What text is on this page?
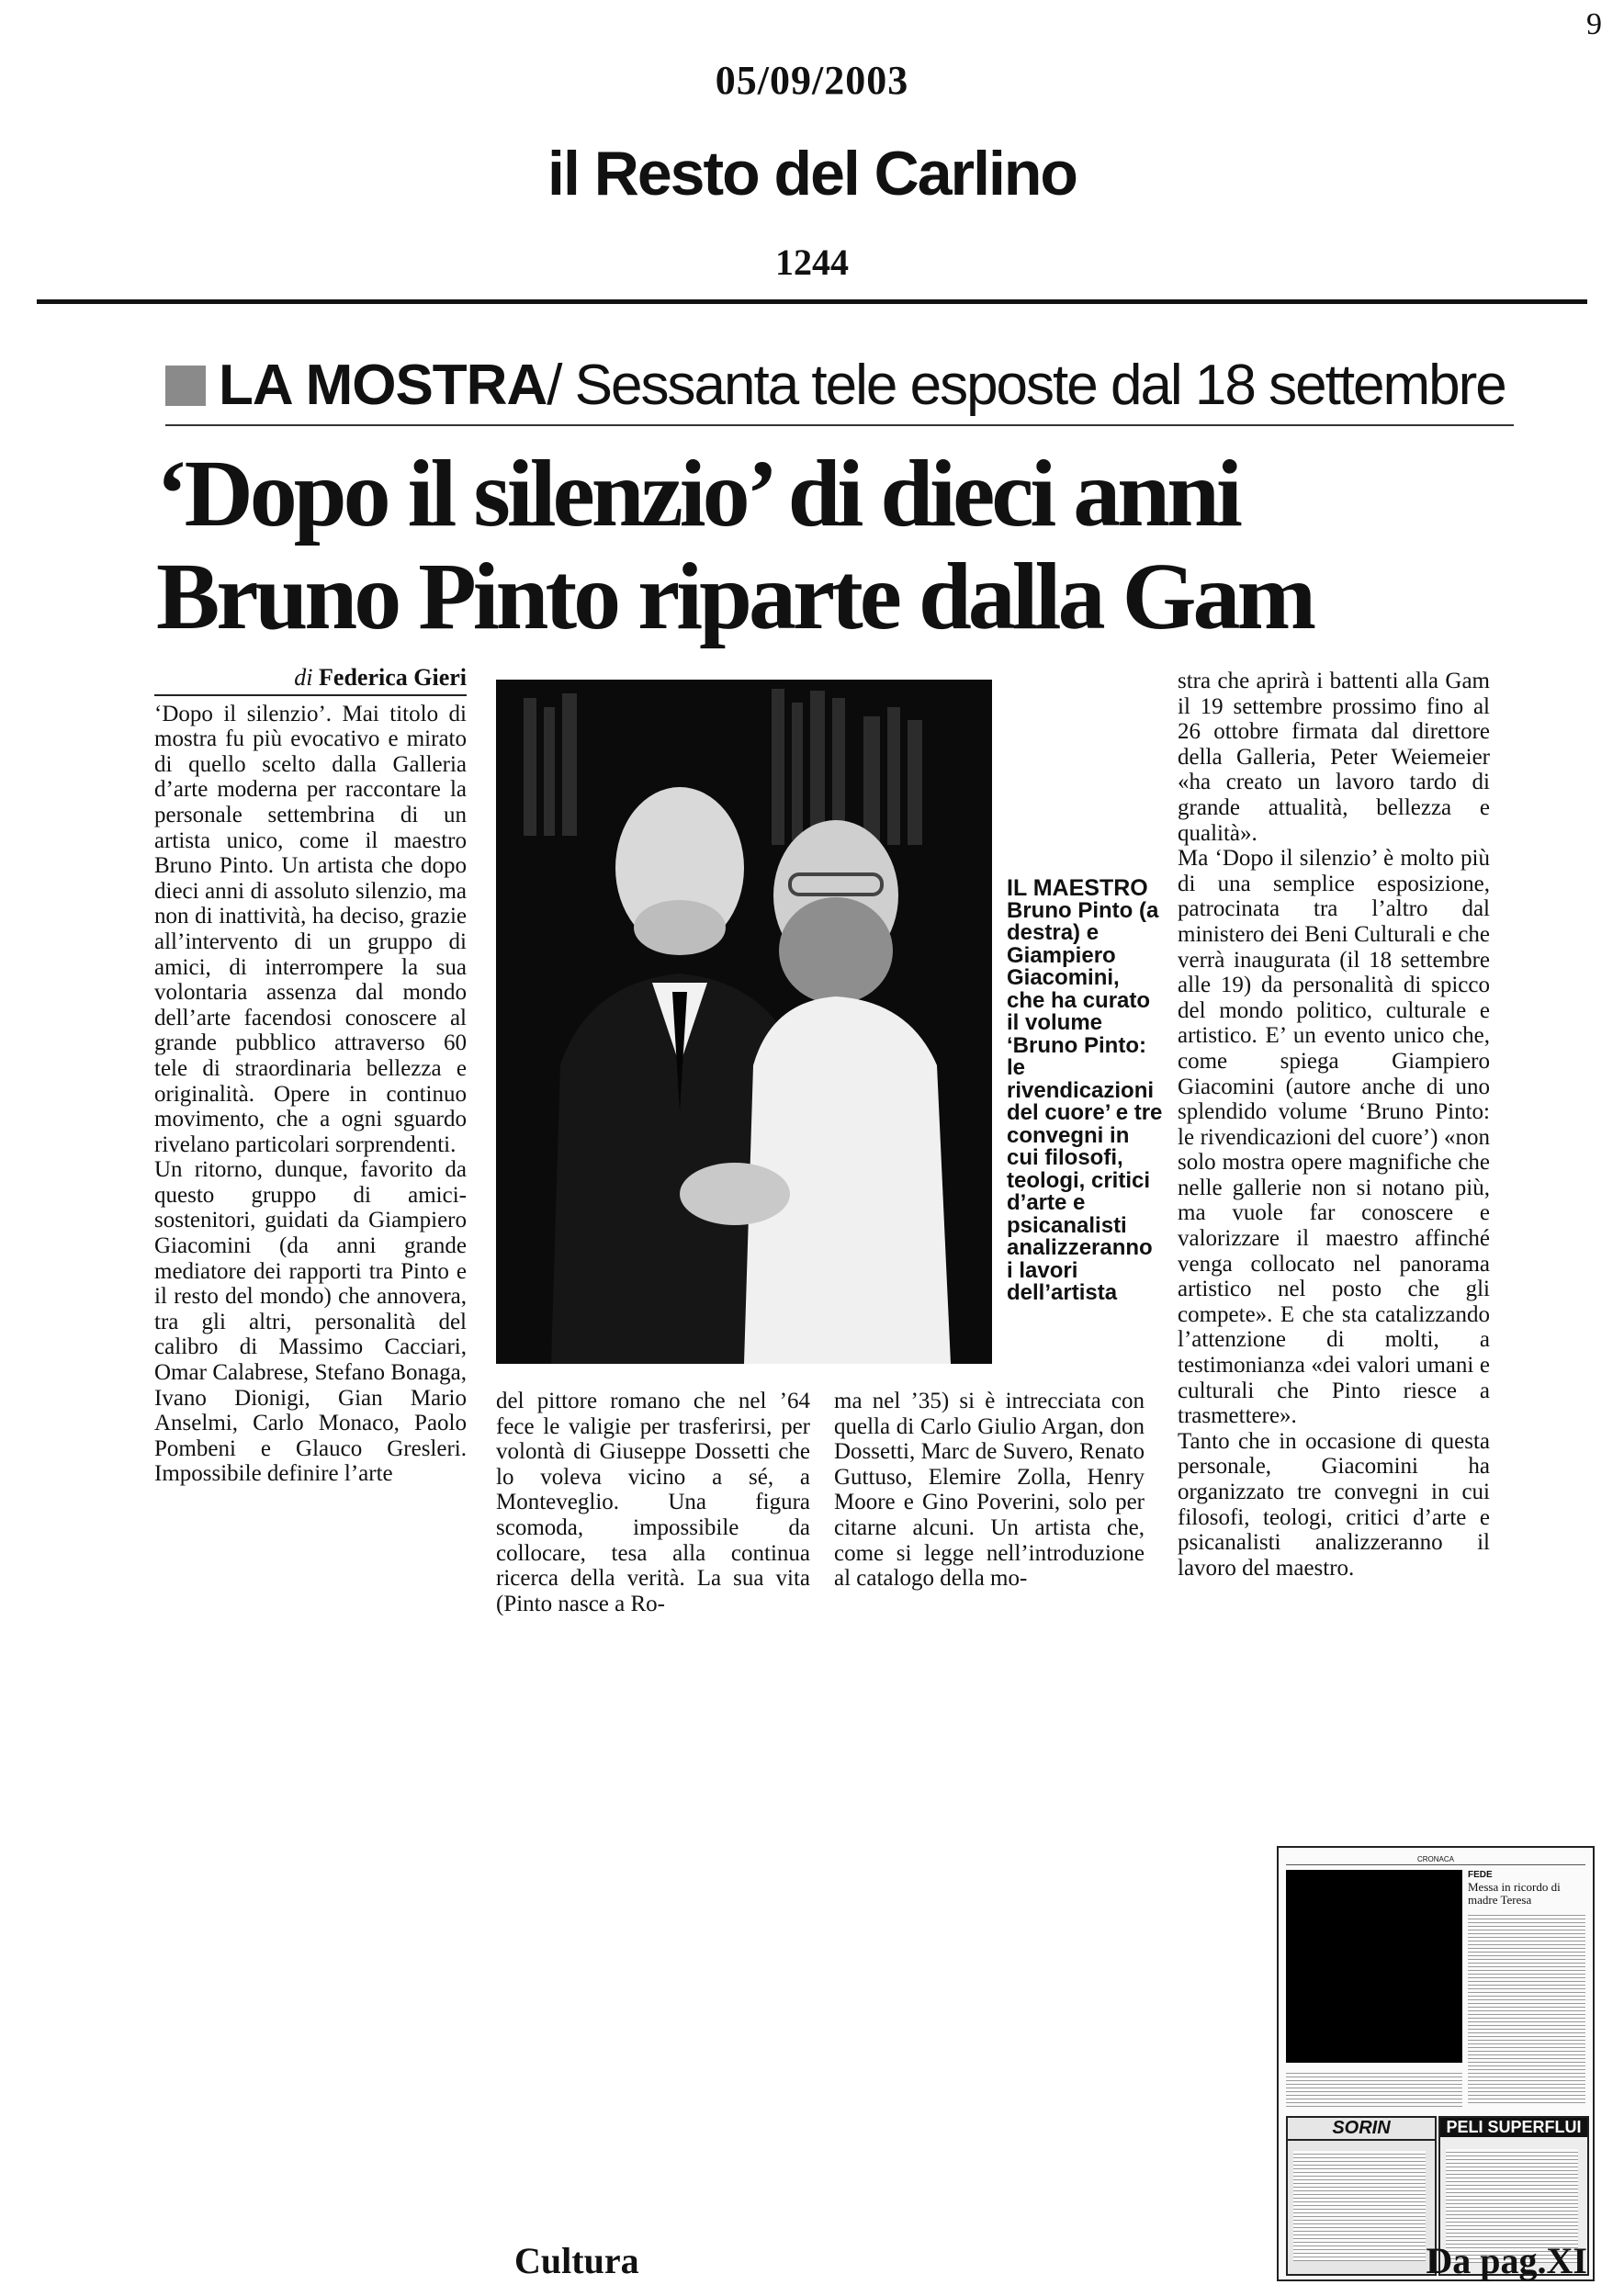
9
05/09/2003
il Resto del Carlino
1244
LA MOSTRA/ Sessanta tele esposte dal 18 settembre
‘Dopo il silenzio’ di dieci anni
Bruno Pinto riparte dalla Gam
di Federica Gieri

‘Dopo il silenzio’. Mai titolo di mostra fu più evocativo e mirato di quello scelto dalla Galleria d’arte moderna per raccontare la personale settembrina di un artista unico, come il maestro Bruno Pinto. Un artista che dopo dieci anni di assoluto silenzio, ma non di inattività, ha deciso, grazie all’intervento di un gruppo di amici, di interrompere la sua volontaria assenza dal mondo dell’arte facendosi conoscere al grande pubblico attraverso 60 tele di straordinaria bellezza e originalità. Opere in continuo movimento, che a ogni sguardo rivelano particolari sorprendenti.

Un ritorno, dunque, favorito da questo gruppo di amici-sostenitori, guidati da Giampiero Giacomini (da anni grande mediatore dei rapporti tra Pinto e il resto del mondo) che annovera, tra gli altri, personalità del calibro di Massimo Cacciari, Omar Calabrese, Stefano Bonaga, Ivano Dionigi, Gian Mario Anselmi, Carlo Monaco, Paolo Pombeni e Glauco Gresleri. Impossibile definire l’arte

IL MAESTRO
Bruno Pinto (a destra) e Giampiero Giacomini, che ha curato il volume ‘Bruno Pinto: le rivendicazioni del cuore’ e tre convegni in cui filosofi, teologi, critici d’arte e psicanalisti analizzeranno i lavori dell’artista

del pittore romano che nel ’64 fece le valigie per trasferirsi, per volontà di Giuseppe Dossetti che lo voleva vicino a sé, a Monteveglio. Una figura scomoda, impossibile da collocare, tesa alla continua ricerca della verità. La sua vita (Pinto nasce a Ro-

ma nel ’35) si è intrecciata con quella di Carlo Giulio Argan, don Dossetti, Marc de Suvero, Renato Guttuso, Elemire Zolla, Henry Moore e Gino Poverini, solo per citarne alcuni. Un artista che, come si legge nell’introduzione al catalogo della mo-

stra che aprirà i battenti alla Gam il 19 settembre prossimo fino al 26 ottobre firmata dal direttore della Galleria, Peter Weiemeier «ha creato un lavoro tardo di grande attualità, bellezza e qualità».

Ma ‘Dopo il silenzio’ è molto più di una semplice esposizione, patrocinata tra l’altro dal ministero dei Beni Culturali e che verrà inaugurata (il 18 settembre alle 19) da personalità di spicco del mondo politico, culturale e artistico. E’ un evento unico che, come spiega Giampiero Giacomini (autore anche di uno splendido volume ‘Bruno Pinto: le rivendicazioni del cuore’) «non solo mostra opere magnifiche che nelle gallerie non si notano più, ma vuole far conoscere e valorizzare il maestro affinché venga collocato nel panorama artistico nel posto che gli compete». E che sta catalizzando l’attenzione di molti, a testimonianza «dei valori umani e culturali che Pinto riesce a trasmettere».

Tanto che in occasione di questa personale, Giacomini ha organizzato tre convegni in cui filosofi, teologi, critici d’arte e psicanalisti analizzeranno il lavoro del maestro.

CRONACA
FEDE
Messa in ricordo di madre Teresa
SORIN	PELI SUPERFLUI
Cultura	Da pag.XI
